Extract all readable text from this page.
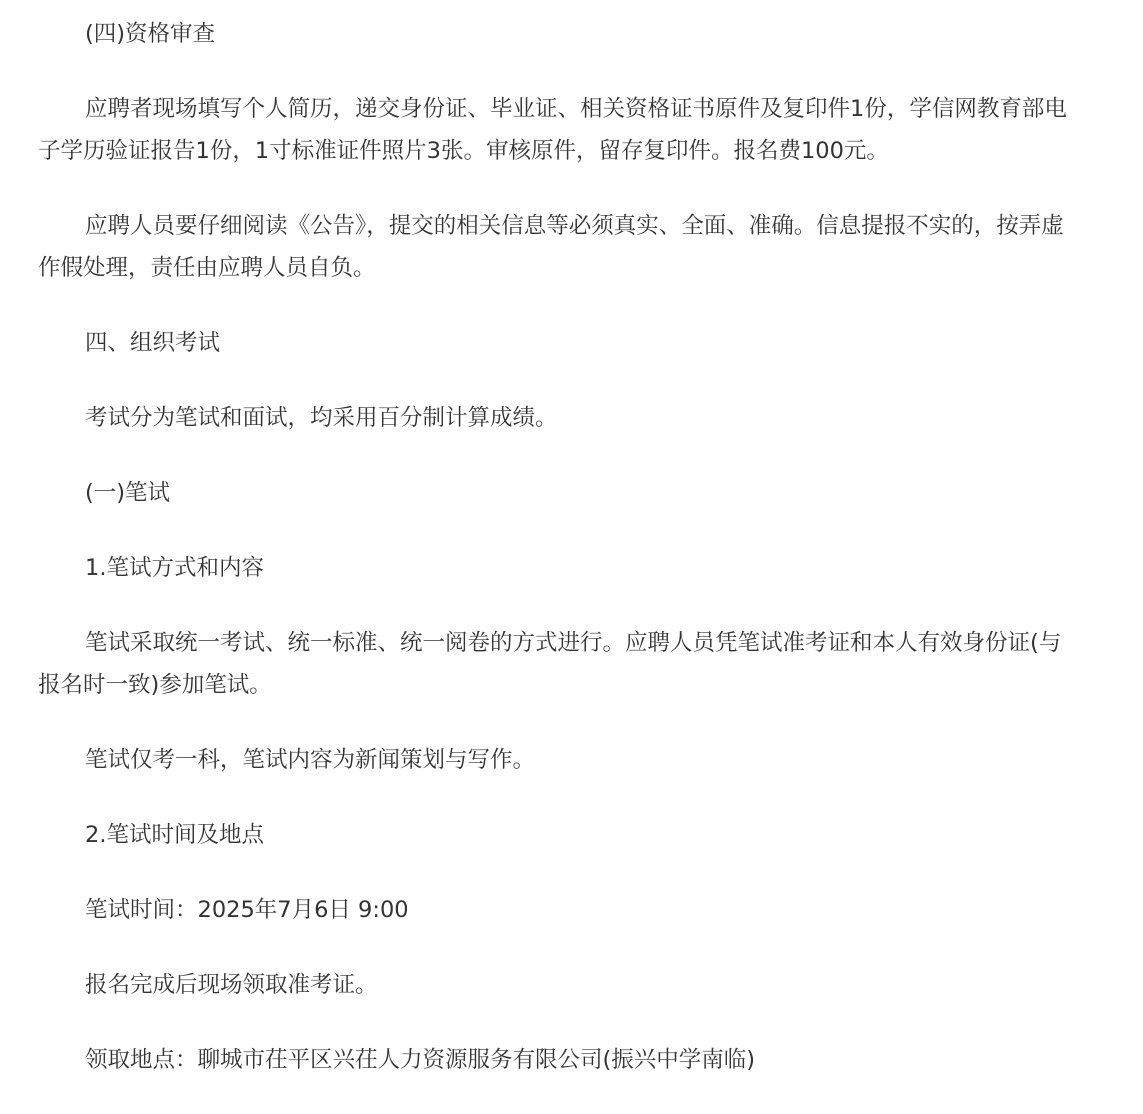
(四)资格审查

应聘者现场填写个人简历，递交身份证、毕业证、相关资格证书原件及复印件1份，学信网教育部电子学历验证报告1份，1寸标准证件照片3张。审核原件，留存复印件。报名费100元。

应聘人员要仔细阅读《公告》，提交的相关信息等必须真实、全面、准确。信息提报不实的，按弄虚作假处理，责任由应聘人员自负。

四、组织考试

考试分为笔试和面试，均采用百分制计算成绩。

(一)笔试

1.笔试方式和内容

笔试采取统一考试、统一标准、统一阅卷的方式进行。应聘人员凭笔试准考证和本人有效身份证(与报名时一致)参加笔试。

笔试仅考一科，笔试内容为新闻策划与写作。

2.笔试时间及地点

笔试时间：2025年7月6日 9:00

报名完成后现场领取准考证。

领取地点：聊城市茌平区兴茌人力资源服务有限公司(振兴中学南临)
